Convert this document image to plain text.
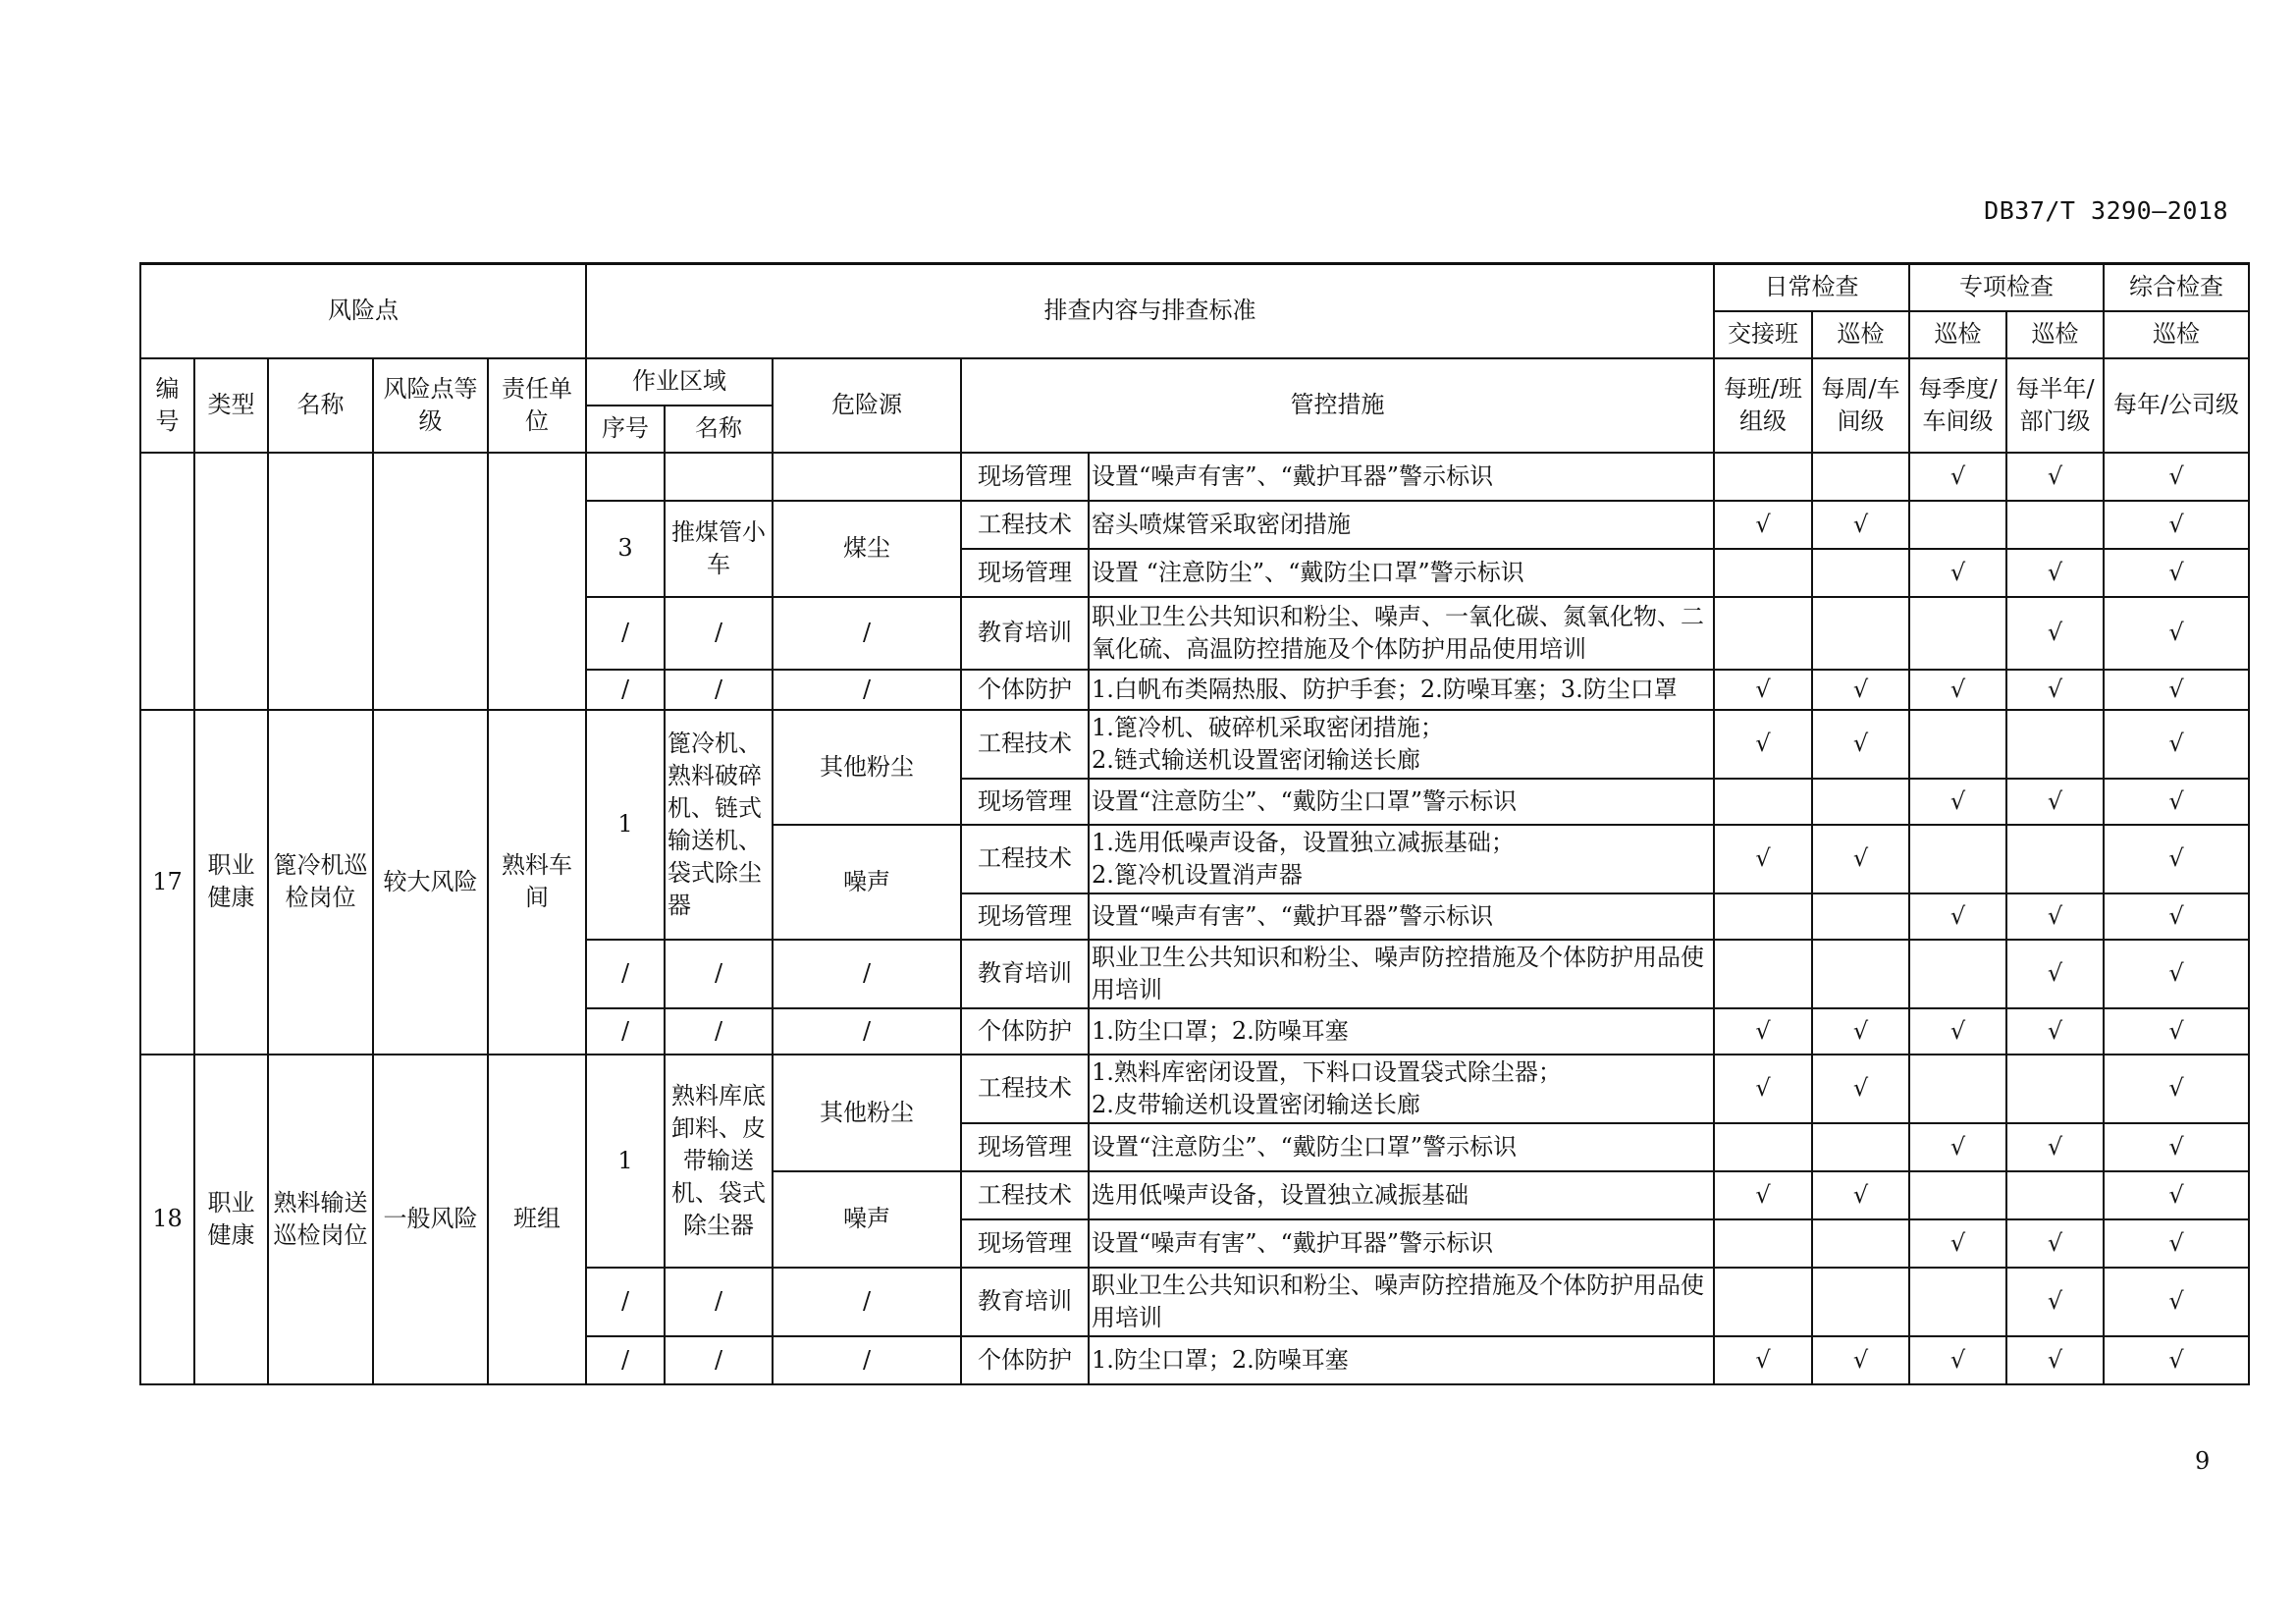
DB37/T 3290—2018
风险点					排查内容与排查标准					日常检查		专项检查		综合检查
										交接班	巡检	巡检	巡检	巡检
编号	类型	名称	风险点等级	责任单位	作业区域		危险源	管控措施		每班/班组级	每周/车间级	每季度/车间级	每半年/部门级	每年/公司级
					序号	名称								
								现场管理	设置“噪声有害”、“戴护耳器”警示标识			√	√	√
					3	推煤管小车	煤尘	工程技术	窑头喷煤管采取密闭措施	√	√			√
								现场管理	设置 “注意防尘”、“戴防尘口罩”警示标识			√	√	√
					/	/	/	教育培训	职业卫生公共知识和粉尘、噪声、一氧化碳、氮氧化物、二氧化硫、高温防控措施及个体防护用品使用培训				√	√
					/	/	/	个体防护	1.白帆布类隔热服、防护手套；2.防噪耳塞；3.防尘口罩	√	√	√	√	√

17	职业健康	篦冷机巡检岗位	较大风险	熟料车间	1	篦冷机、熟料破碎机、链式输送机、袋式除尘器	其他粉尘	工程技术	1.篦冷机、破碎机采取密闭措施；
2.链式输送机设置密闭输送长廊	√	√			√
								现场管理	设置“注意防尘”、“戴防尘口罩”警示标识			√	√	√
							噪声	工程技术	1.选用低噪声设备，设置独立减振基础；
2.篦冷机设置消声器	√	√			√
								现场管理	设置“噪声有害”、“戴护耳器”警示标识			√	√	√
					/	/	/	教育培训	职业卫生公共知识和粉尘、噪声防控措施及个体防护用品使用培训				√	√
					/	/	/	个体防护	1.防尘口罩；2.防噪耳塞	√	√	√	√	√
18	职业健康	熟料输送巡检岗位	一般风险	班组	1	熟料库底卸料、皮带输送机、袋式除尘器	其他粉尘	工程技术	1.熟料库密闭设置，下料口设置袋式除尘器；
2.皮带输送机设置密闭输送长廊	√	√			√
								现场管理	设置“注意防尘”、“戴防尘口罩”警示标识			√	√	√
							噪声	工程技术	选用低噪声设备，设置独立减振基础	√	√			√
								现场管理	设置“噪声有害”、“戴护耳器”警示标识			√	√	√
					/	/	/	教育培训	职业卫生公共知识和粉尘、噪声防控措施及个体防护用品使用培训				√	√
					/	/	/	个体防护	1.防尘口罩；2.防噪耳塞	√	√	√	√	√
9
